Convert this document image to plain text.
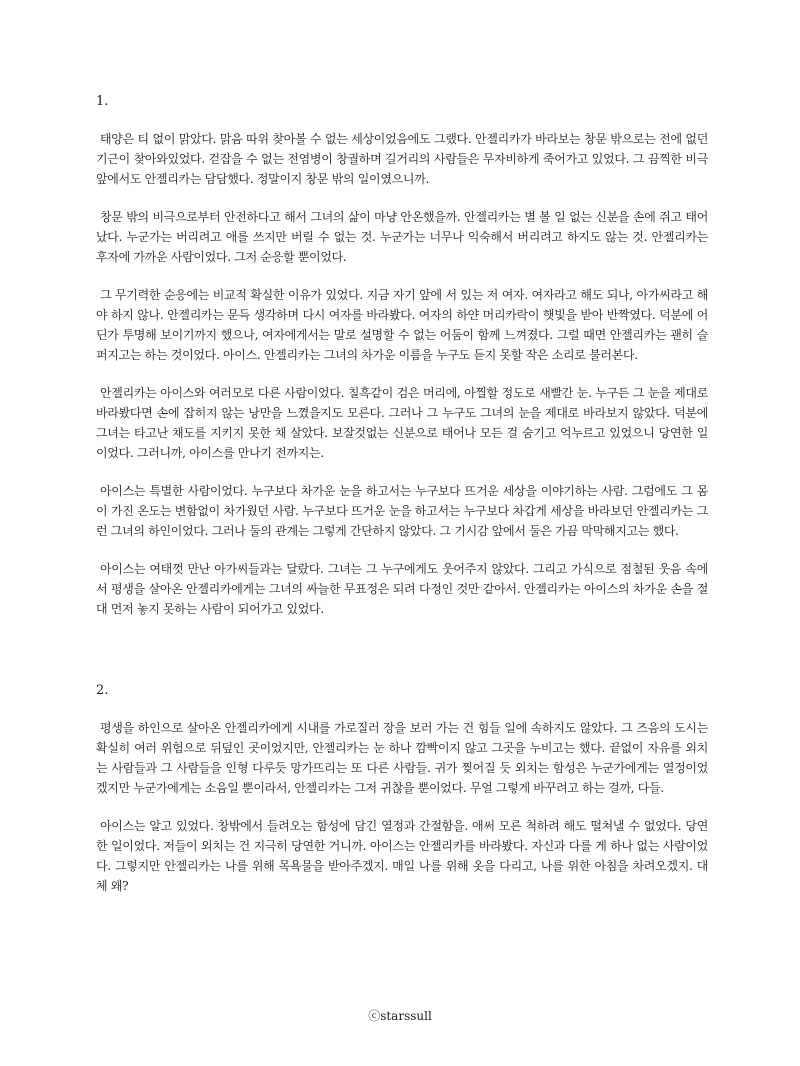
1.

태양은 티 없이 맑았다. 맑음 따위 찾아볼 수 없는 세상이었음에도 그랬다. 안젤리카가 바라보는 창문 밖으로는 전에 없던 기근이 찾아와있었다. 걷잡을 수 없는 전염병이 창궐하며 길거리의 사람들은 무자비하게 죽어가고 있었다. 그 끔찍한 비극 앞에서도 안젤리카는 담담했다. 정말이지 창문 밖의 일이였으니까.

창문 밖의 비극으로부터 안전하다고 해서 그녀의 삶이 마냥 안온했을까. 안젤리카는 별 볼 일 없는 신분을 손에 쥐고 태어났다. 누군가는 버리려고 애를 쓰지만 버릴 수 없는 것. 누군가는 너무나 익숙해서 버리려고 하지도 않는 것. 안젤리카는 후자에 가까운 사람이었다. 그저 순응할 뿐이었다.

그 무기력한 순응에는 비교적 확실한 이유가 있었다. 지금 자기 앞에 서 있는 저 여자. 여자라고 해도 되나, 아가씨라고 해야 하지 않나. 안젤리카는 문득 생각하며 다시 여자를 바라봤다. 여자의 하얀 머리카락이 햇빛을 받아 반짝였다. 덕분에 어딘가 투명해 보이기까지 했으나, 여자에게서는 말로 설명할 수 없는 어둠이 함께 느껴졌다. 그럴 때면 안젤리카는 괜히 슬퍼지고는 하는 것이었다. 아이스. 안젤리카는 그녀의 차가운 이름을 누구도 듣지 못할 작은 소리로 불러본다.

안젤리카는 아이스와 여러모로 다른 사람이었다. 칠흑같이 검은 머리에, 아찔할 정도로 새빨간 눈. 누구든 그 눈을 제대로 바라봤다면 손에 잡히지 않는 낭만을 느꼈을지도 모른다. 그러나 그 누구도 그녀의 눈을 제대로 바라보지 않았다. 덕분에 그녀는 타고난 채도를 지키지 못한 채 살았다. 보잘것없는 신분으로 태어나 모든 걸 숨기고 억누르고 있었으니 당연한 일이었다. 그러니까, 아이스를 만나기 전까지는.

아이스는 특별한 사람이었다. 누구보다 차가운 눈을 하고서는 누구보다 뜨거운 세상을 이야기하는 사람. 그럼에도 그 몸이 가진 온도는 변함없이 차가웠던 사람. 누구보다 뜨거운 눈을 하고서는 누구보다 차갑게 세상을 바라보던 안젤리카는 그런 그녀의 하인이었다. 그러나 둘의 관계는 그렇게 간단하지 않았다. 그 기시감 앞에서 둘은 가끔 막막해지고는 했다.

아이스는 여태껏 만난 아가씨들과는 달랐다. 그녀는 그 누구에게도 웃어주지 않았다. 그리고 가식으로 점철된 웃음 속에서 평생을 살아온 안젤리카에게는 그녀의 싸늘한 무표정은 되려 다정인 것만 같아서. 안젤리카는 아이스의 차가운 손을 절대 먼저 놓지 못하는 사람이 되어가고 있었다.

2.

평생을 하인으로 살아온 안젤리카에게 시내를 가로질러 장을 보러 가는 건 힘들 일에 속하지도 않았다. 그 즈음의 도시는 확실히 여러 위험으로 뒤덮인 곳이었지만, 안젤리카는 눈 하나 깜빡이지 않고 그곳을 누비고는 했다. 끝없이 자유를 외치는 사람들과 그 사람들을 인형 다루듯 망가뜨리는 또 다른 사람들. 귀가 찢어질 듯 외치는 함성은 누군가에게는 열정이었겠지만 누군가에게는 소음일 뿐이라서, 안젤리카는 그저 귀찮을 뿐이었다. 무얼 그렇게 바꾸려고 하는 걸까, 다들.

아이스는 알고 있었다. 창밖에서 들려오는 함성에 담긴 열정과 간절함을. 애써 모른 척하려 해도 떨쳐낼 수 없었다. 당연한 일이었다. 저들이 외치는 건 지극히 당연한 거니까. 아이스는 안젤리카를 바라봤다. 자신과 다를 게 하나 없는 사람이었다. 그렇지만 안젤리카는 나를 위해 목욕물을 받아주겠지. 매일 나를 위해 옷을 다리고, 나를 위한 아침을 차려오겠지. 대체 왜?

ⓒstarssull
